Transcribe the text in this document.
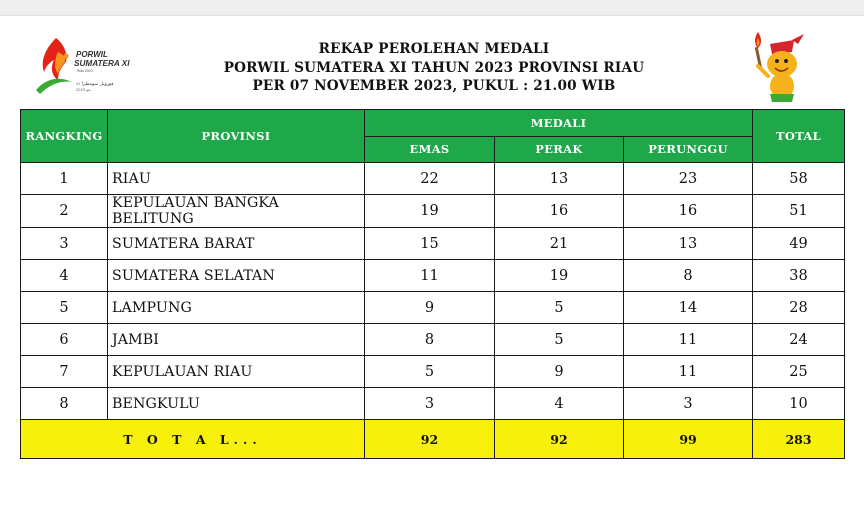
PORWIL
SUMATERA XI
Riau 2023
XI فورويل سومطرا
بعو 2023
REKAP PEROLEHAN MEDALI
PORWIL SUMATERA XI TAHUN 2023 PROVINSI RIAU
PER 07 NOVEMBER 2023, PUKUL : 21.00 WIB
RANGKING	PROVINSI	MEDALI			TOTAL
		EMAS	PERAK	PERUNGGU	
1	RIAU	22	13	23	58
2	KEPULAUAN BANGKA BELITUNG	19	16	16	51
3	SUMATERA BARAT	15	21	13	49
4	SUMATERA SELATAN	11	19	8	38
5	LAMPUNG	9	5	14	28
6	JAMBI	8	5	11	24
7	KEPULAUAN RIAU	5	9	11	25
8	BENGKULU	3	4	3	10
T O T A L...		92	92	99	283
